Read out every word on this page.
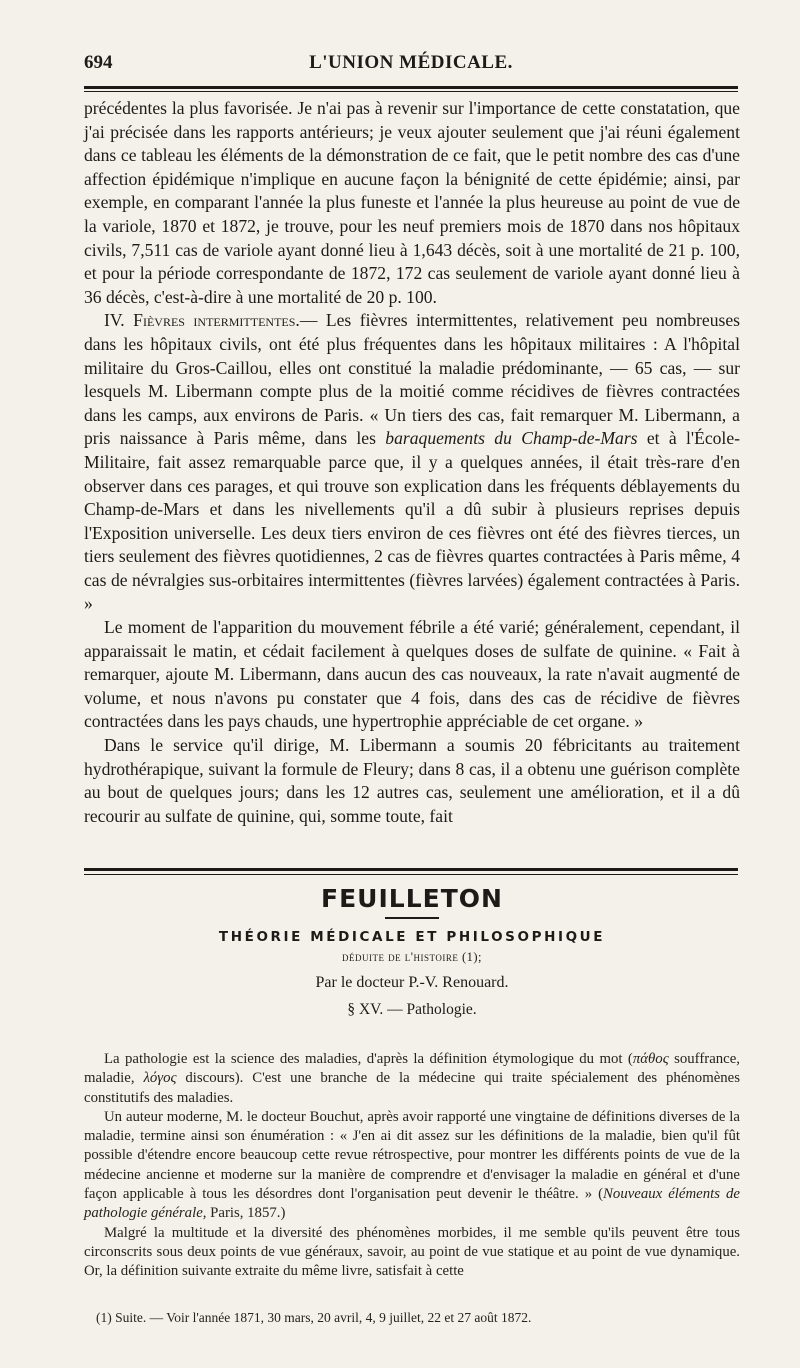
694	L'UNION MÉDICALE.

précédentes la plus favorisée. Je n'ai pas à revenir sur l'importance de cette constatation, que j'ai précisée dans les rapports antérieurs; je veux ajouter seulement que j'ai réuni également dans ce tableau les éléments de la démonstration de ce fait, que le petit nombre des cas d'une affection épidémique n'implique en aucune façon la bénignité de cette épidémie; ainsi, par exemple, en comparant l'année la plus funeste et l'année la plus heureuse au point de vue de la variole, 1870 et 1872, je trouve, pour les neuf premiers mois de 1870 dans nos hôpitaux civils, 7,511 cas de variole ayant donné lieu à 1,643 décès, soit à une mortalité de 21 p. 100, et pour la période correspondante de 1872, 172 cas seulement de variole ayant donné lieu à 36 décès, c'est-à-dire à une mortalité de 20 p. 100.

IV. Fièvres intermittentes.— Les fièvres intermittentes, relativement peu nombreuses dans les hôpitaux civils, ont été plus fréquentes dans les hôpitaux militaires : A l'hôpital militaire du Gros-Caillou, elles ont constitué la maladie prédominante, — 65 cas, — sur lesquels M. Libermann compte plus de la moitié comme récidives de fièvres contractées dans les camps, aux environs de Paris. « Un tiers des cas, fait remarquer M. Libermann, a pris naissance à Paris même, dans les baraquements du Champ-de-Mars et à l'École-Militaire, fait assez remarquable parce que, il y a quelques années, il était très-rare d'en observer dans ces parages, et qui trouve son explication dans les fréquents déblayements du Champ-de-Mars et dans les nivellements qu'il a dû subir à plusieurs reprises depuis l'Exposition universelle. Les deux tiers environ de ces fièvres ont été des fièvres tierces, un tiers seulement des fièvres quotidiennes, 2 cas de fièvres quartes contractées à Paris même, 4 cas de névralgies sus-orbitaires intermittentes (fièvres larvées) également contractées à Paris. »

Le moment de l'apparition du mouvement fébrile a été varié; généralement, cependant, il apparaissait le matin, et cédait facilement à quelques doses de sulfate de quinine. « Fait à remarquer, ajoute M. Libermann, dans aucun des cas nouveaux, la rate n'avait augmenté de volume, et nous n'avons pu constater que 4 fois, dans des cas de récidive de fièvres contractées dans les pays chauds, une hypertrophie appréciable de cet organe. »

Dans le service qu'il dirige, M. Libermann a soumis 20 fébricitants au traitement hydrothérapique, suivant la formule de Fleury; dans 8 cas, il a obtenu une guérison complète au bout de quelques jours; dans les 12 autres cas, seulement une amélioration, et il a dû recourir au sulfate de quinine, qui, somme toute, fait

FEUILLETON

THÉORIE MÉDICALE ET PHILOSOPHIQUE

déduite de l'histoire (1);

Par le docteur P.-V. Renouard.

§ XV. — Pathologie.

La pathologie est la science des maladies, d'après la définition étymologique du mot (πάθος souffrance, maladie, λόγος discours). C'est une branche de la médecine qui traite spécialement des phénomènes constitutifs des maladies.

Un auteur moderne, M. le docteur Bouchut, après avoir rapporté une vingtaine de définitions diverses de la maladie, termine ainsi son énumération : « J'en ai dit assez sur les définitions de la maladie, bien qu'il fût possible d'étendre encore beaucoup cette revue rétrospective, pour montrer les différents points de vue de la médecine ancienne et moderne sur la manière de comprendre et d'envisager la maladie en général et d'une façon applicable à tous les désordres dont l'organisation peut devenir le théâtre. » (Nouveaux éléments de pathologie générale, Paris, 1857.)

Malgré la multitude et la diversité des phénomènes morbides, il me semble qu'ils peuvent être tous circonscrits sous deux points de vue généraux, savoir, au point de vue statique et au point de vue dynamique. Or, la définition suivante extraite du même livre, satisfait à cette

(1) Suite. — Voir l'année 1871, 30 mars, 20 avril, 4, 9 juillet, 22 et 27 août 1872.
